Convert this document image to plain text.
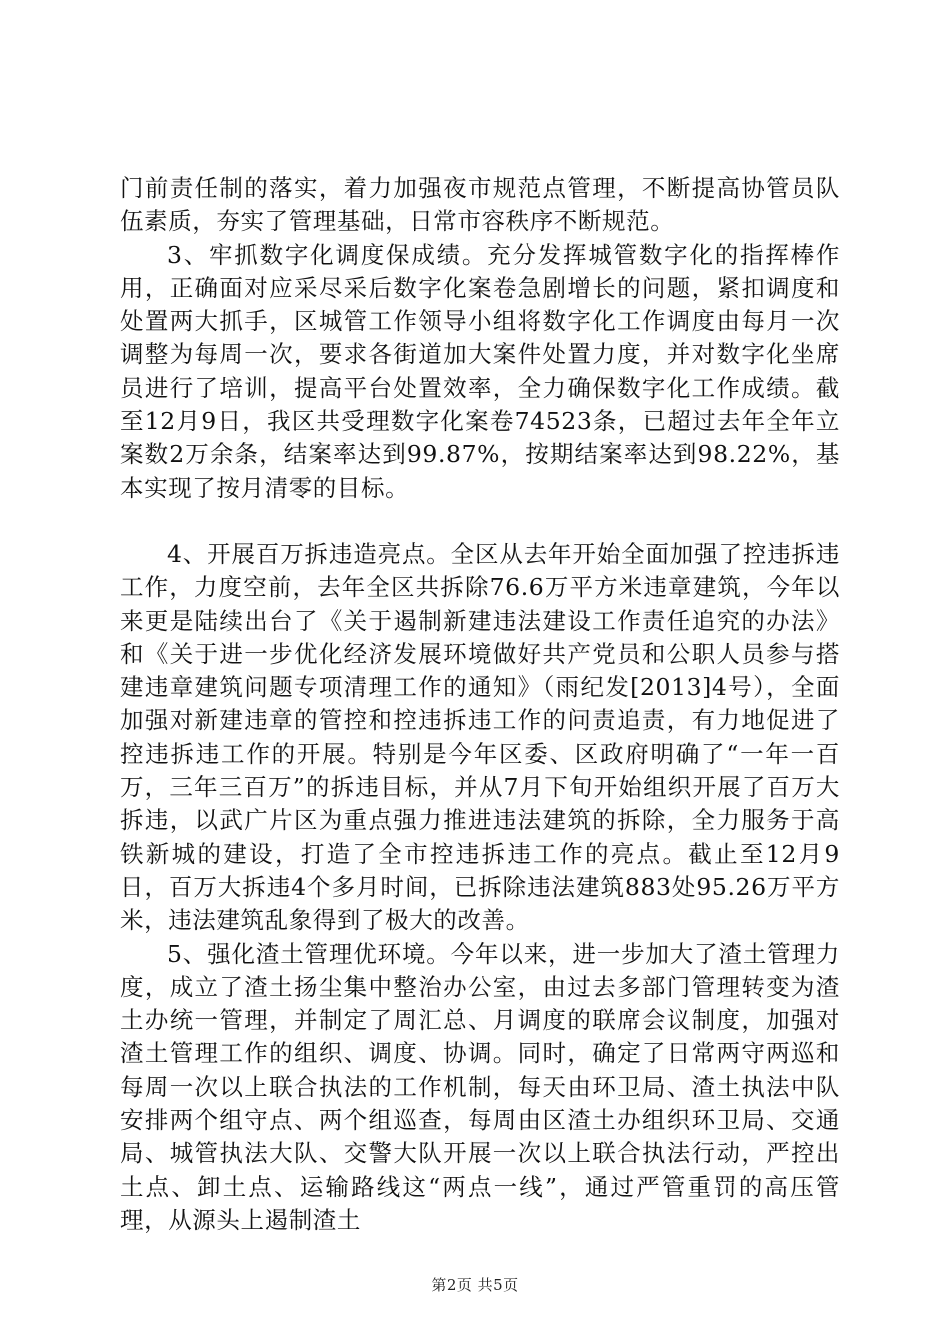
门前责任制的落实，着力加强夜市规范点管理，不断提高协管员队伍素质，夯实了管理基础，日常市容秩序不断规范。

3、牢抓数字化调度保成绩。充分发挥城管数字化的指挥棒作用，正确面对应采尽采后数字化案卷急剧增长的问题，紧扣调度和处置两大抓手，区城管工作领导小组将数字化工作调度由每月一次调整为每周一次，要求各街道加大案件处置力度，并对数字化坐席员进行了培训，提高平台处置效率，全力确保数字化工作成绩。截至12月9日，我区共受理数字化案卷74523条，已超过去年全年立案数2万余条，结案率达到99.87%，按期结案率达到98.22%，基本实现了按月清零的目标。

4、开展百万拆违造亮点。全区从去年开始全面加强了控违拆违工作，力度空前，去年全区共拆除76.6万平方米违章建筑，今年以来更是陆续出台了《关于遏制新建违法建设工作责任追究的办法》和《关于进一步优化经济发展环境做好共产党员和公职人员参与搭建违章建筑问题专项清理工作的通知》（雨纪发[2013]4号），全面加强对新建违章的管控和控违拆违工作的问责追责，有力地促进了控违拆违工作的开展。特别是今年区委、区政府明确了“一年一百万，三年三百万”的拆违目标，并从7月下旬开始组织开展了百万大拆违，以武广片区为重点强力推进违法建筑的拆除，全力服务于高铁新城的建设，打造了全市控违拆违工作的亮点。截止至12月9日，百万大拆违4个多月时间，已拆除违法建筑883处95.26万平方米，违法建筑乱象得到了极大的改善。

5、强化渣土管理优环境。今年以来，进一步加大了渣土管理力度，成立了渣土扬尘集中整治办公室，由过去多部门管理转变为渣土办统一管理，并制定了周汇总、月调度的联席会议制度，加强对渣土管理工作的组织、调度、协调。同时，确定了日常两守两巡和每周一次以上联合执法的工作机制，每天由环卫局、渣土执法中队安排两个组守点、两个组巡查，每周由区渣土办组织环卫局、交通局、城管执法大队、交警大队开展一次以上联合执法行动，严控出土点、卸土点、运输路线这“两点一线”，通过严管重罚的高压管理，从源头上遏制渣土

第2页 共5页
